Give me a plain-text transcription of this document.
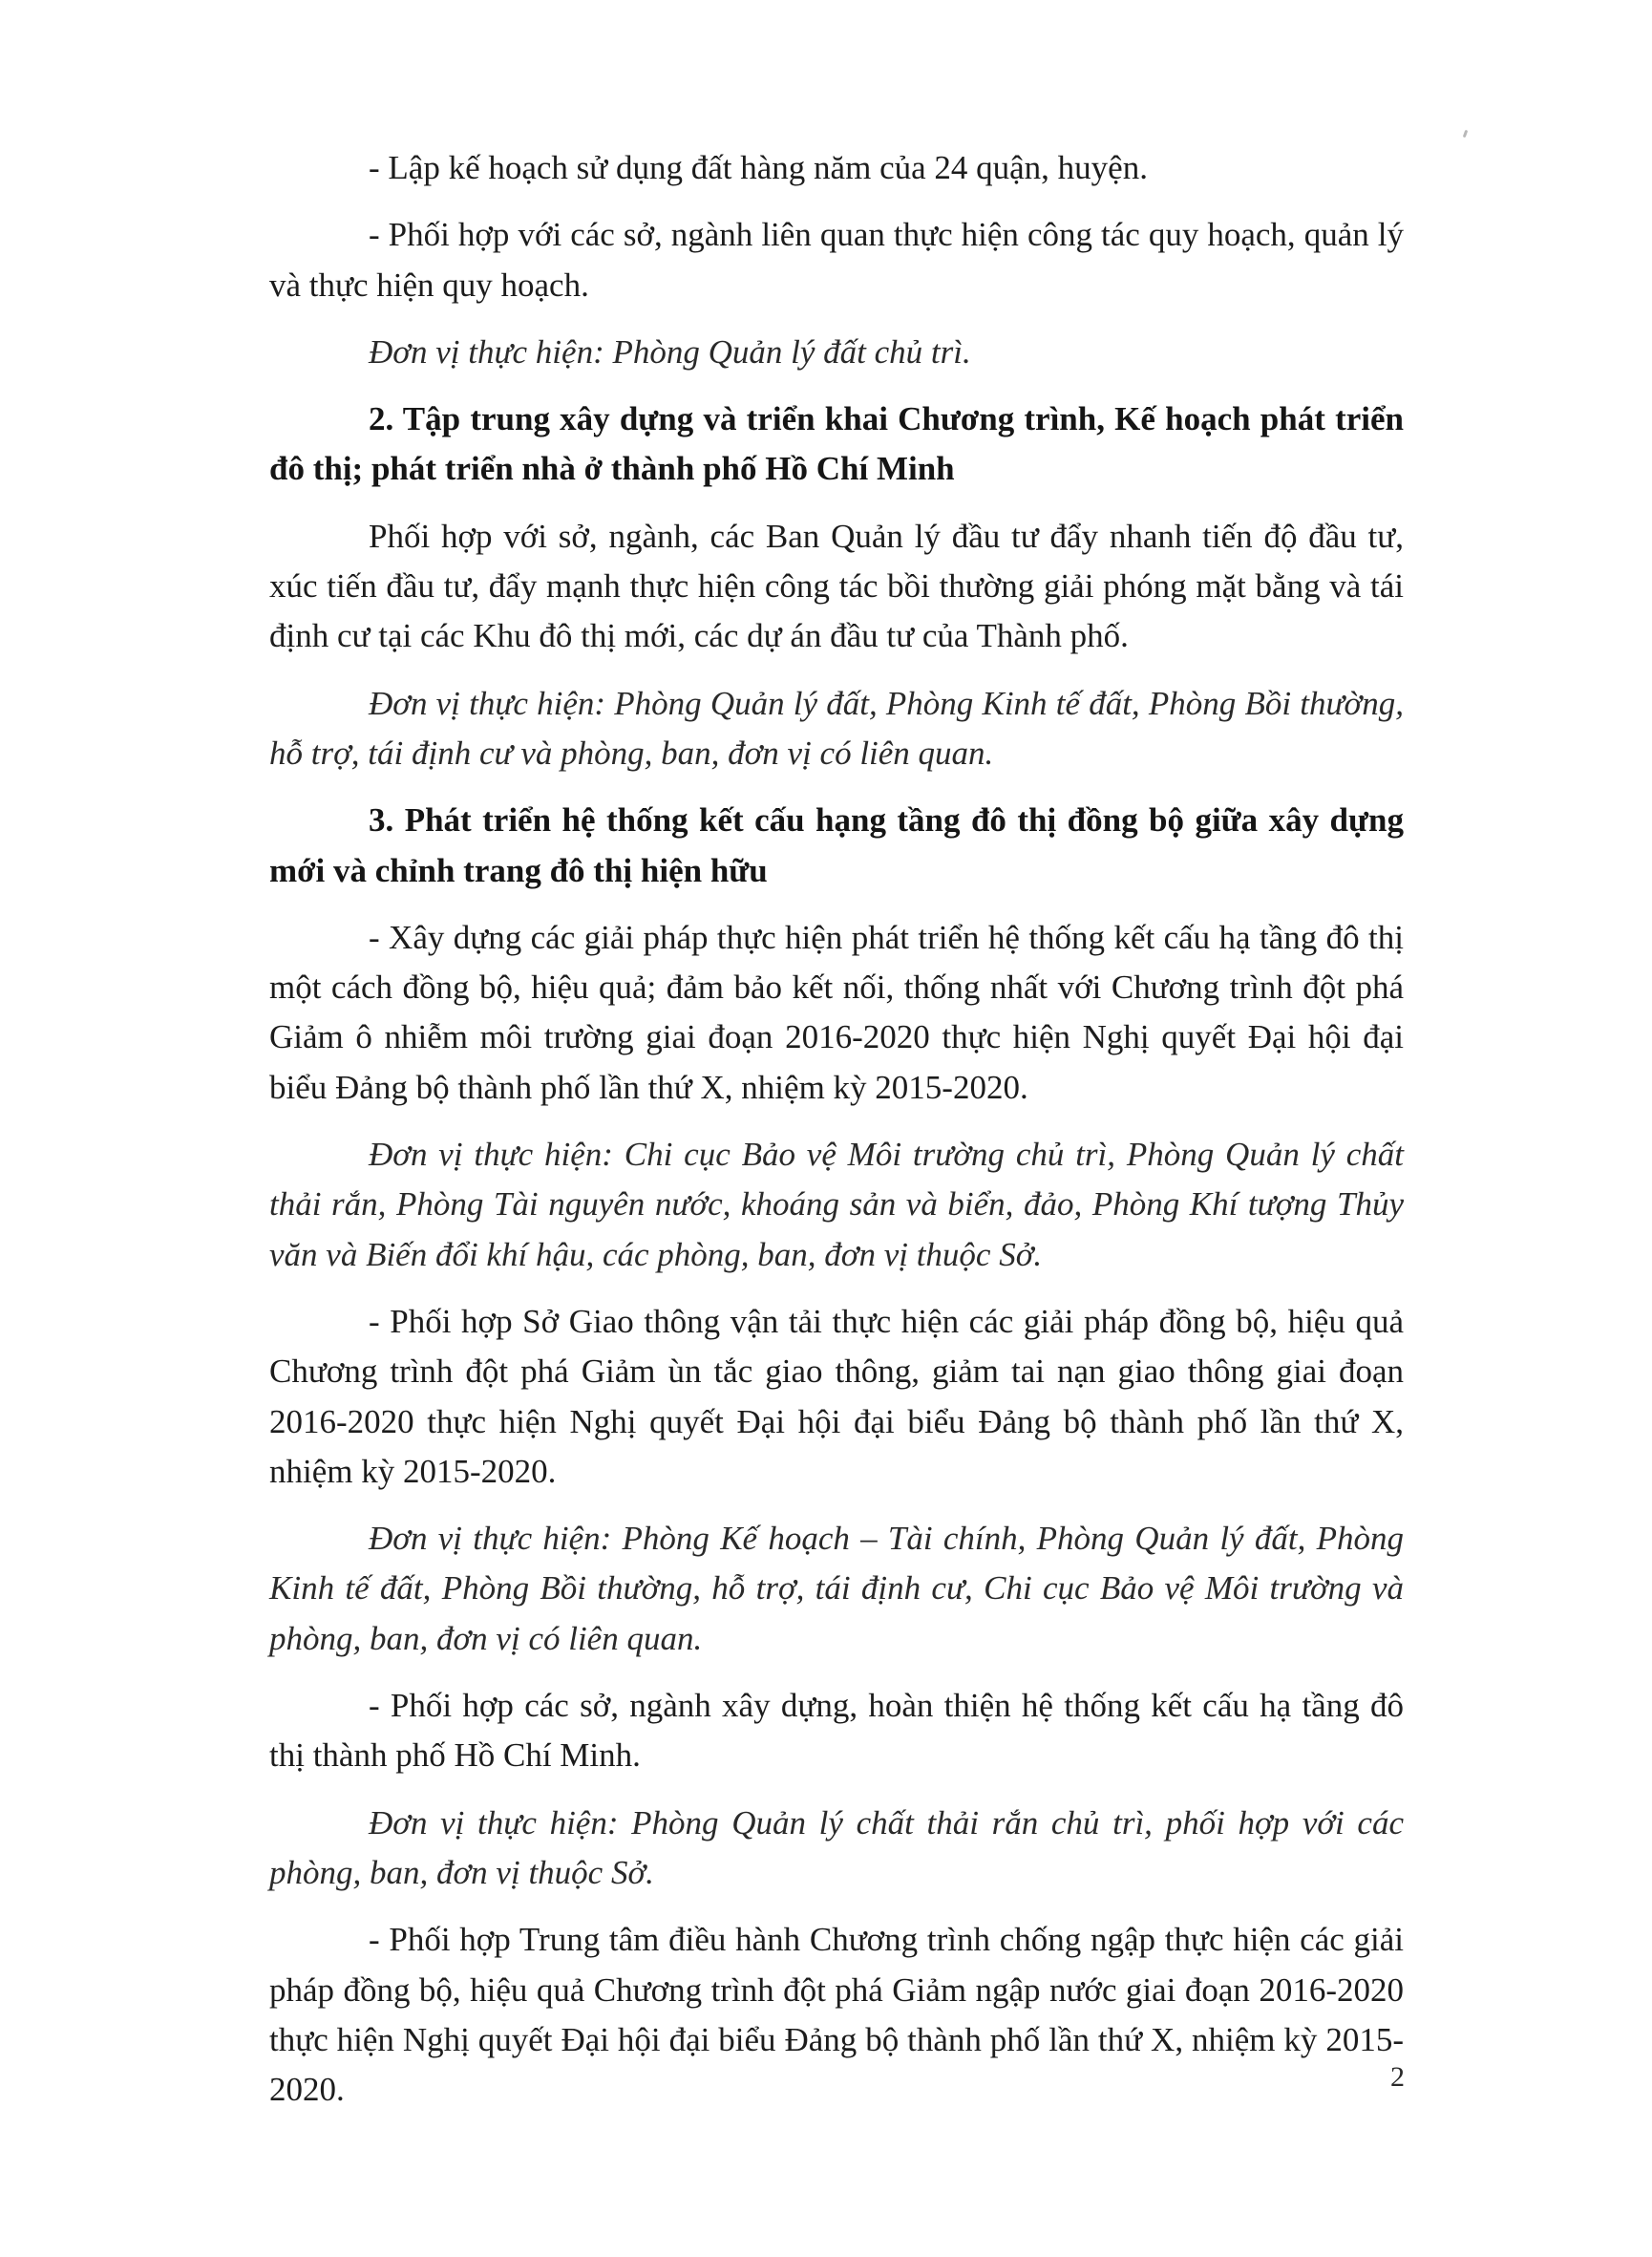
- Lập kế hoạch sử dụng đất hàng năm của 24 quận, huyện.

- Phối hợp với các sở, ngành liên quan thực hiện công tác quy hoạch, quản lý và thực hiện quy hoạch.

Đơn vị thực hiện: Phòng Quản lý đất chủ trì.

2. Tập trung xây dựng và triển khai Chương trình, Kế hoạch phát triển đô thị; phát triển nhà ở thành phố Hồ Chí Minh

Phối hợp với sở, ngành, các Ban Quản lý đầu tư đẩy nhanh tiến độ đầu tư, xúc tiến đầu tư, đẩy mạnh thực hiện công tác bồi thường giải phóng mặt bằng và tái định cư tại các Khu đô thị mới, các dự án đầu tư của Thành phố.

Đơn vị thực hiện: Phòng Quản lý đất, Phòng Kinh tế đất, Phòng Bồi thường, hỗ trợ, tái định cư và phòng, ban, đơn vị có liên quan.

3. Phát triển hệ thống kết cấu hạng tầng đô thị đồng bộ giữa xây dựng mới và chỉnh trang đô thị hiện hữu

- Xây dựng các giải pháp thực hiện phát triển hệ thống kết cấu hạ tầng đô thị một cách đồng bộ, hiệu quả; đảm bảo kết nối, thống nhất với Chương trình đột phá Giảm ô nhiễm môi trường giai đoạn 2016-2020 thực hiện Nghị quyết Đại hội đại biểu Đảng bộ thành phố lần thứ X, nhiệm kỳ 2015-2020.

Đơn vị thực hiện: Chi cục Bảo vệ Môi trường chủ trì, Phòng Quản lý chất thải rắn, Phòng Tài nguyên nước, khoáng sản và biển, đảo, Phòng Khí tượng Thủy văn và Biến đổi khí hậu, các phòng, ban, đơn vị thuộc Sở.

- Phối hợp Sở Giao thông vận tải thực hiện các giải pháp đồng bộ, hiệu quả Chương trình đột phá Giảm ùn tắc giao thông, giảm tai nạn giao thông giai đoạn 2016-2020 thực hiện Nghị quyết Đại hội đại biểu Đảng bộ thành phố lần thứ X, nhiệm kỳ 2015-2020.

Đơn vị thực hiện: Phòng Kế hoạch – Tài chính, Phòng Quản lý đất, Phòng Kinh tế đất, Phòng Bồi thường, hỗ trợ, tái định cư, Chi cục Bảo vệ Môi trường và phòng, ban, đơn vị có liên quan.

- Phối hợp các sở, ngành xây dựng, hoàn thiện hệ thống kết cấu hạ tầng đô thị thành phố Hồ Chí Minh.

Đơn vị thực hiện: Phòng Quản lý chất thải rắn chủ trì, phối hợp với các phòng, ban, đơn vị thuộc Sở.

- Phối hợp Trung tâm điều hành Chương trình chống ngập thực hiện các giải pháp đồng bộ, hiệu quả Chương trình đột phá Giảm ngập nước giai đoạn 2016-2020 thực hiện Nghị quyết Đại hội đại biểu Đảng bộ thành phố lần thứ X, nhiệm kỳ 2015-2020.	2
